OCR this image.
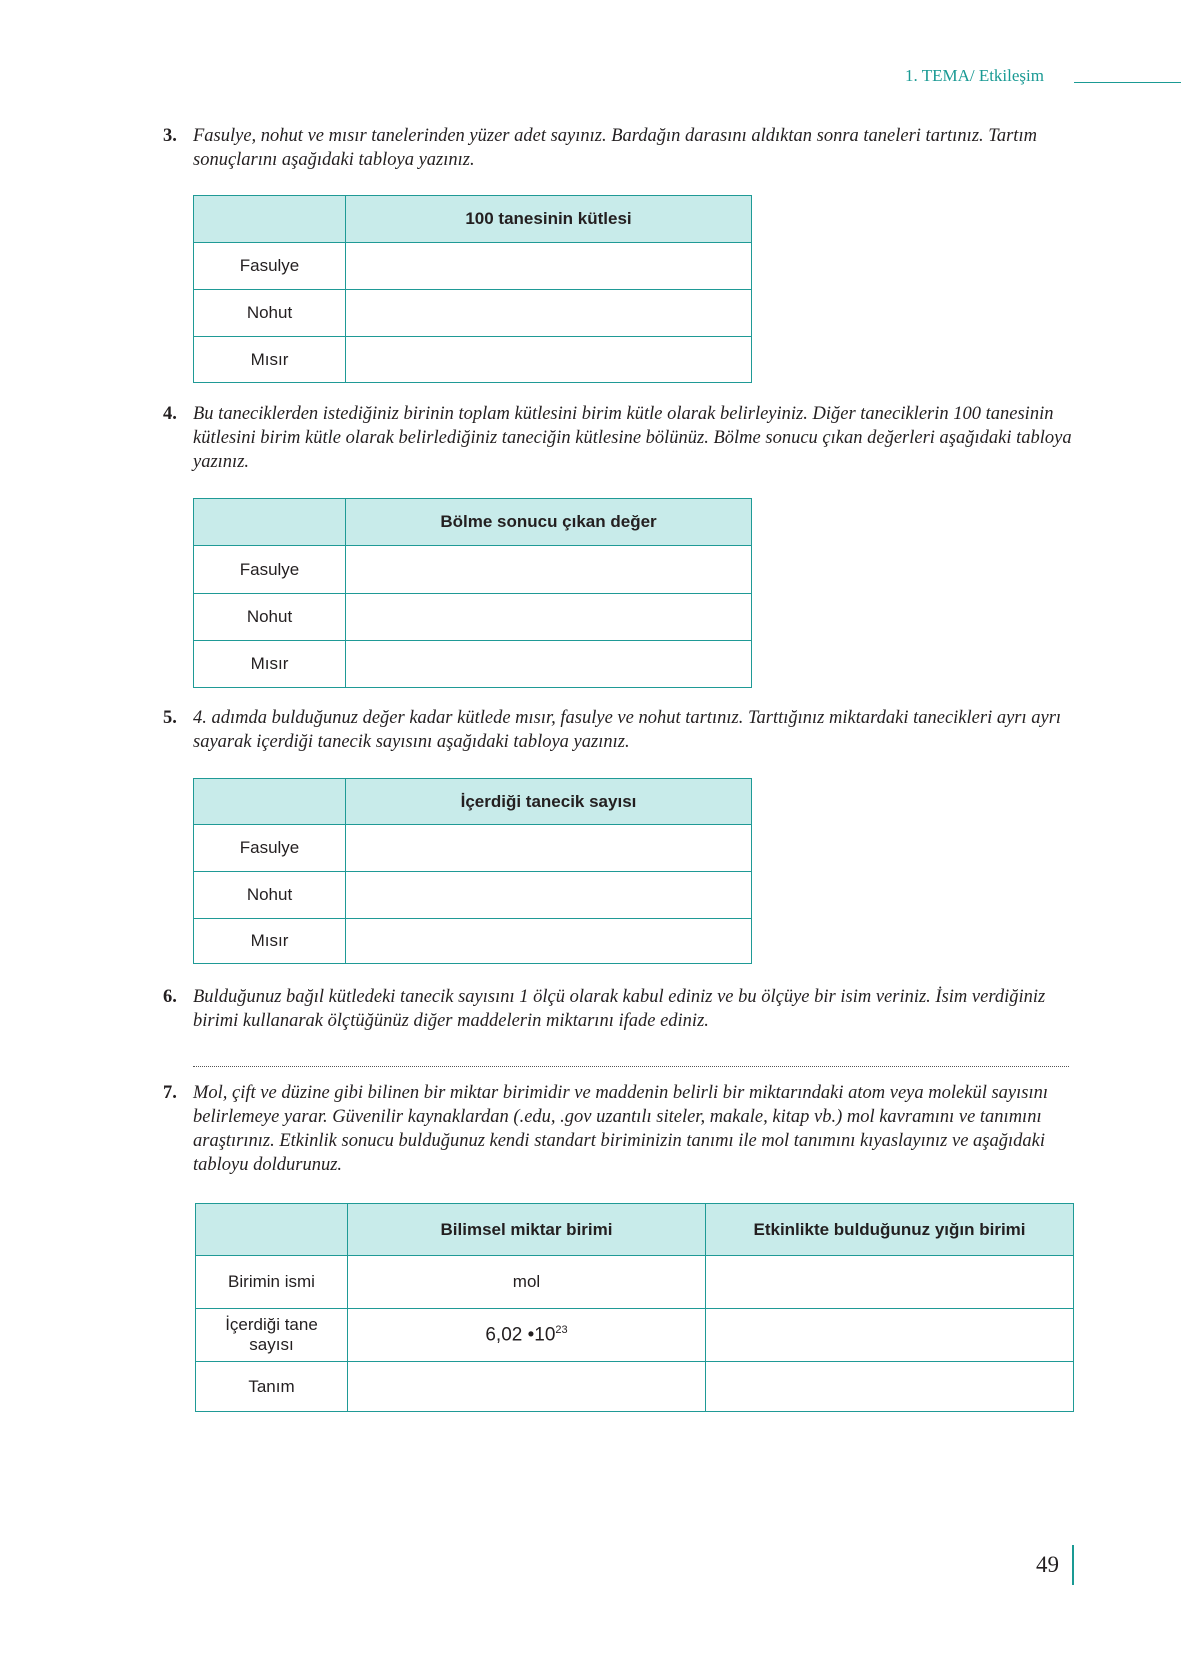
1. TEMA/ Etkileşim
3. Fasulye, nohut ve mısır tanelerinden yüzer adet sayınız. Bardağın darasını aldıktan sonra taneleri tartınız. Tartım sonuçlarını aşağıdaki tabloya yazınız.
	100 tanesinin kütlesi
Fasulye	
Nohut	
Mısır	
4. Bu taneciklerden istediğiniz birinin toplam kütlesini birim kütle olarak belirleyiniz. Diğer taneciklerin 100 tanesinin kütlesini birim kütle olarak belirlediğiniz taneciğin kütlesine bölünüz. Bölme sonucu çıkan değerleri aşağıdaki tabloya yazınız.
	Bölme sonucu çıkan değer
Fasulye	
Nohut	
Mısır	
5. 4. adımda bulduğunuz değer kadar kütlede mısır, fasulye ve nohut tartınız. Tarttığınız miktardaki tanecikleri ayrı ayrı sayarak içerdiği tanecik sayısını aşağıdaki tabloya yazınız.
	İçerdiği tanecik sayısı
Fasulye	
Nohut	
Mısır	
6. Bulduğunuz bağıl kütledeki tanecik sayısını 1 ölçü olarak kabul ediniz ve bu ölçüye bir isim veriniz. İsim verdiğiniz birimi kullanarak ölçtüğünüz diğer maddelerin miktarını ifade ediniz.
7. Mol, çift ve düzine gibi bilinen bir miktar birimidir ve maddenin belirli bir miktarındaki atom veya molekül sayısını belirlemeye yarar. Güvenilir kaynaklardan (.edu, .gov uzantılı siteler, makale, kitap vb.) mol kavramını ve tanımını araştırınız. Etkinlik sonucu bulduğunuz kendi standart biriminizin tanımı ile mol tanımını kıyaslayınız ve aşağıdaki tabloyu doldurunuz.
	Bilimsel miktar birimi	Etkinlikte bulduğunuz yığın birimi
Birimin ismi	mol	
İçerdiği tane
sayısı	6,02 $•10^{23}$	
Tanım		
49
